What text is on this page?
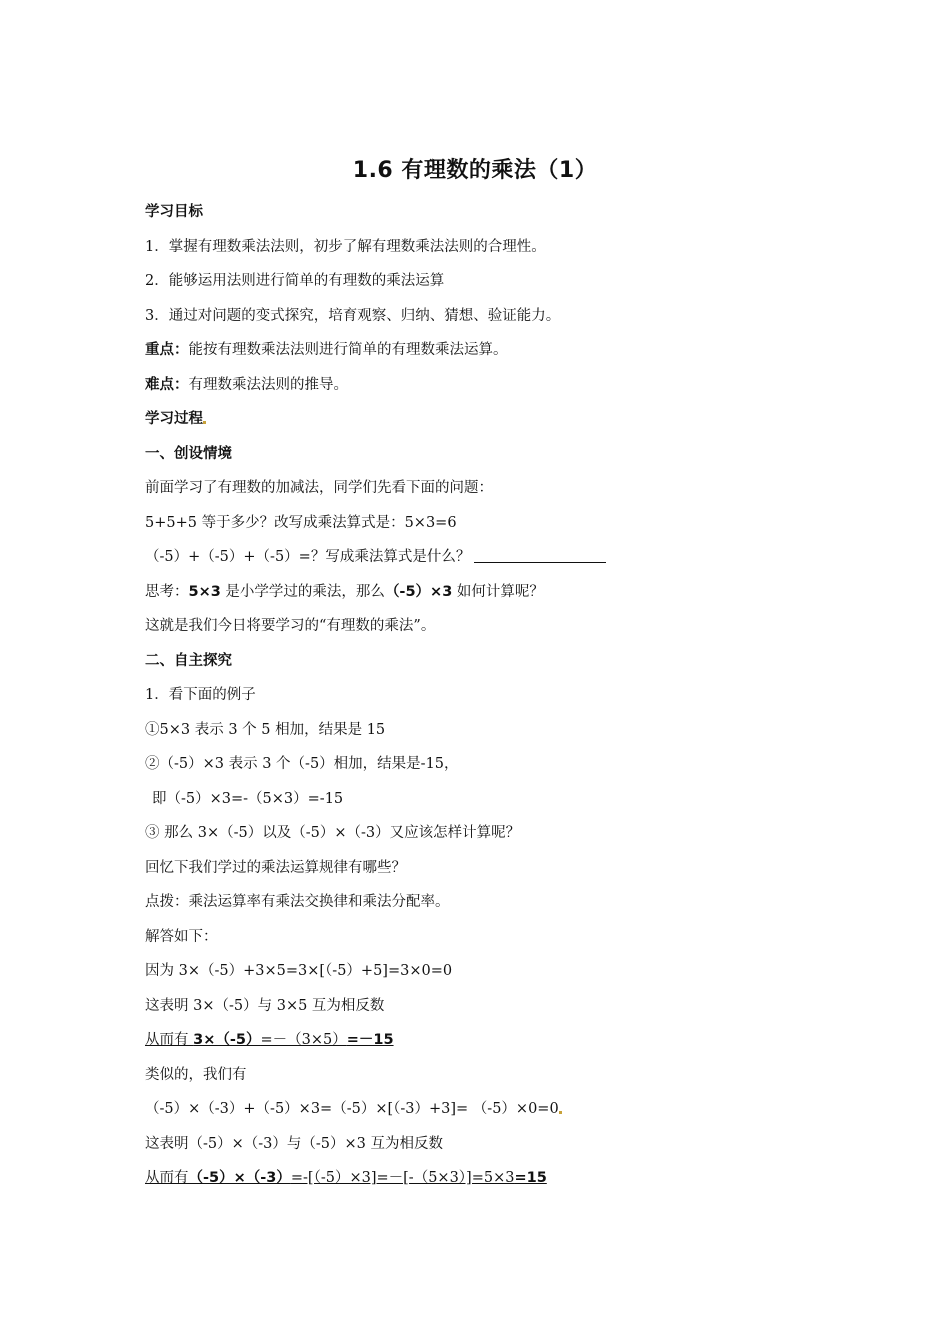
1.6 有理数的乘法（1）
学习目标
1．掌握有理数乘法法则，初步了解有理数乘法法则的合理性。
2．能够运用法则进行简单的有理数的乘法运算
3．通过对问题的变式探究，培育观察、归纳、猜想、验证能力。
重点：能按有理数乘法法则进行简单的有理数乘法运算。
难点：有理数乘法法则的推导。
学习过程
一、创设情境
前面学习了有理数的加减法，同学们先看下面的问题：
5+5+5 等于多少？改写成乘法算式是：5×3=6
（-5）+（-5）+（-5）=？写成乘法算式是什么？
思考：5×3 是小学学过的乘法，那么（-5）×3 如何计算呢？
这就是我们今日将要学习的“有理数的乘法”。
二、自主探究
1．看下面的例子
①5×3 表示 3 个 5 相加，结果是 15
②（-5）×3 表示 3 个（-5）相加，结果是-15，
即（-5）×3=-（5×3）=-15
③ 那么 3×（-5）以及（-5）×（-3）又应该怎样计算呢？
回忆下我们学过的乘法运算规律有哪些？
点拨：乘法运算率有乘法交换律和乘法分配率。
解答如下：
因为 3×（-5）+3×5=3×[（-5）+5]=3×0=0
这表明 3×（-5）与 3×5 互为相反数
从而有 3×（-5）=－（3×5）=－15
类似的，我们有
（-5）×（-3）+（-5）×3=（-5）×[（-3）+3]= （-5）×0=0
这表明（-5）×（-3）与（-5）×3 互为相反数
从而有（-5）×（-3）=-[（-5）×3]=－[-（5×3）]=5×3=15
